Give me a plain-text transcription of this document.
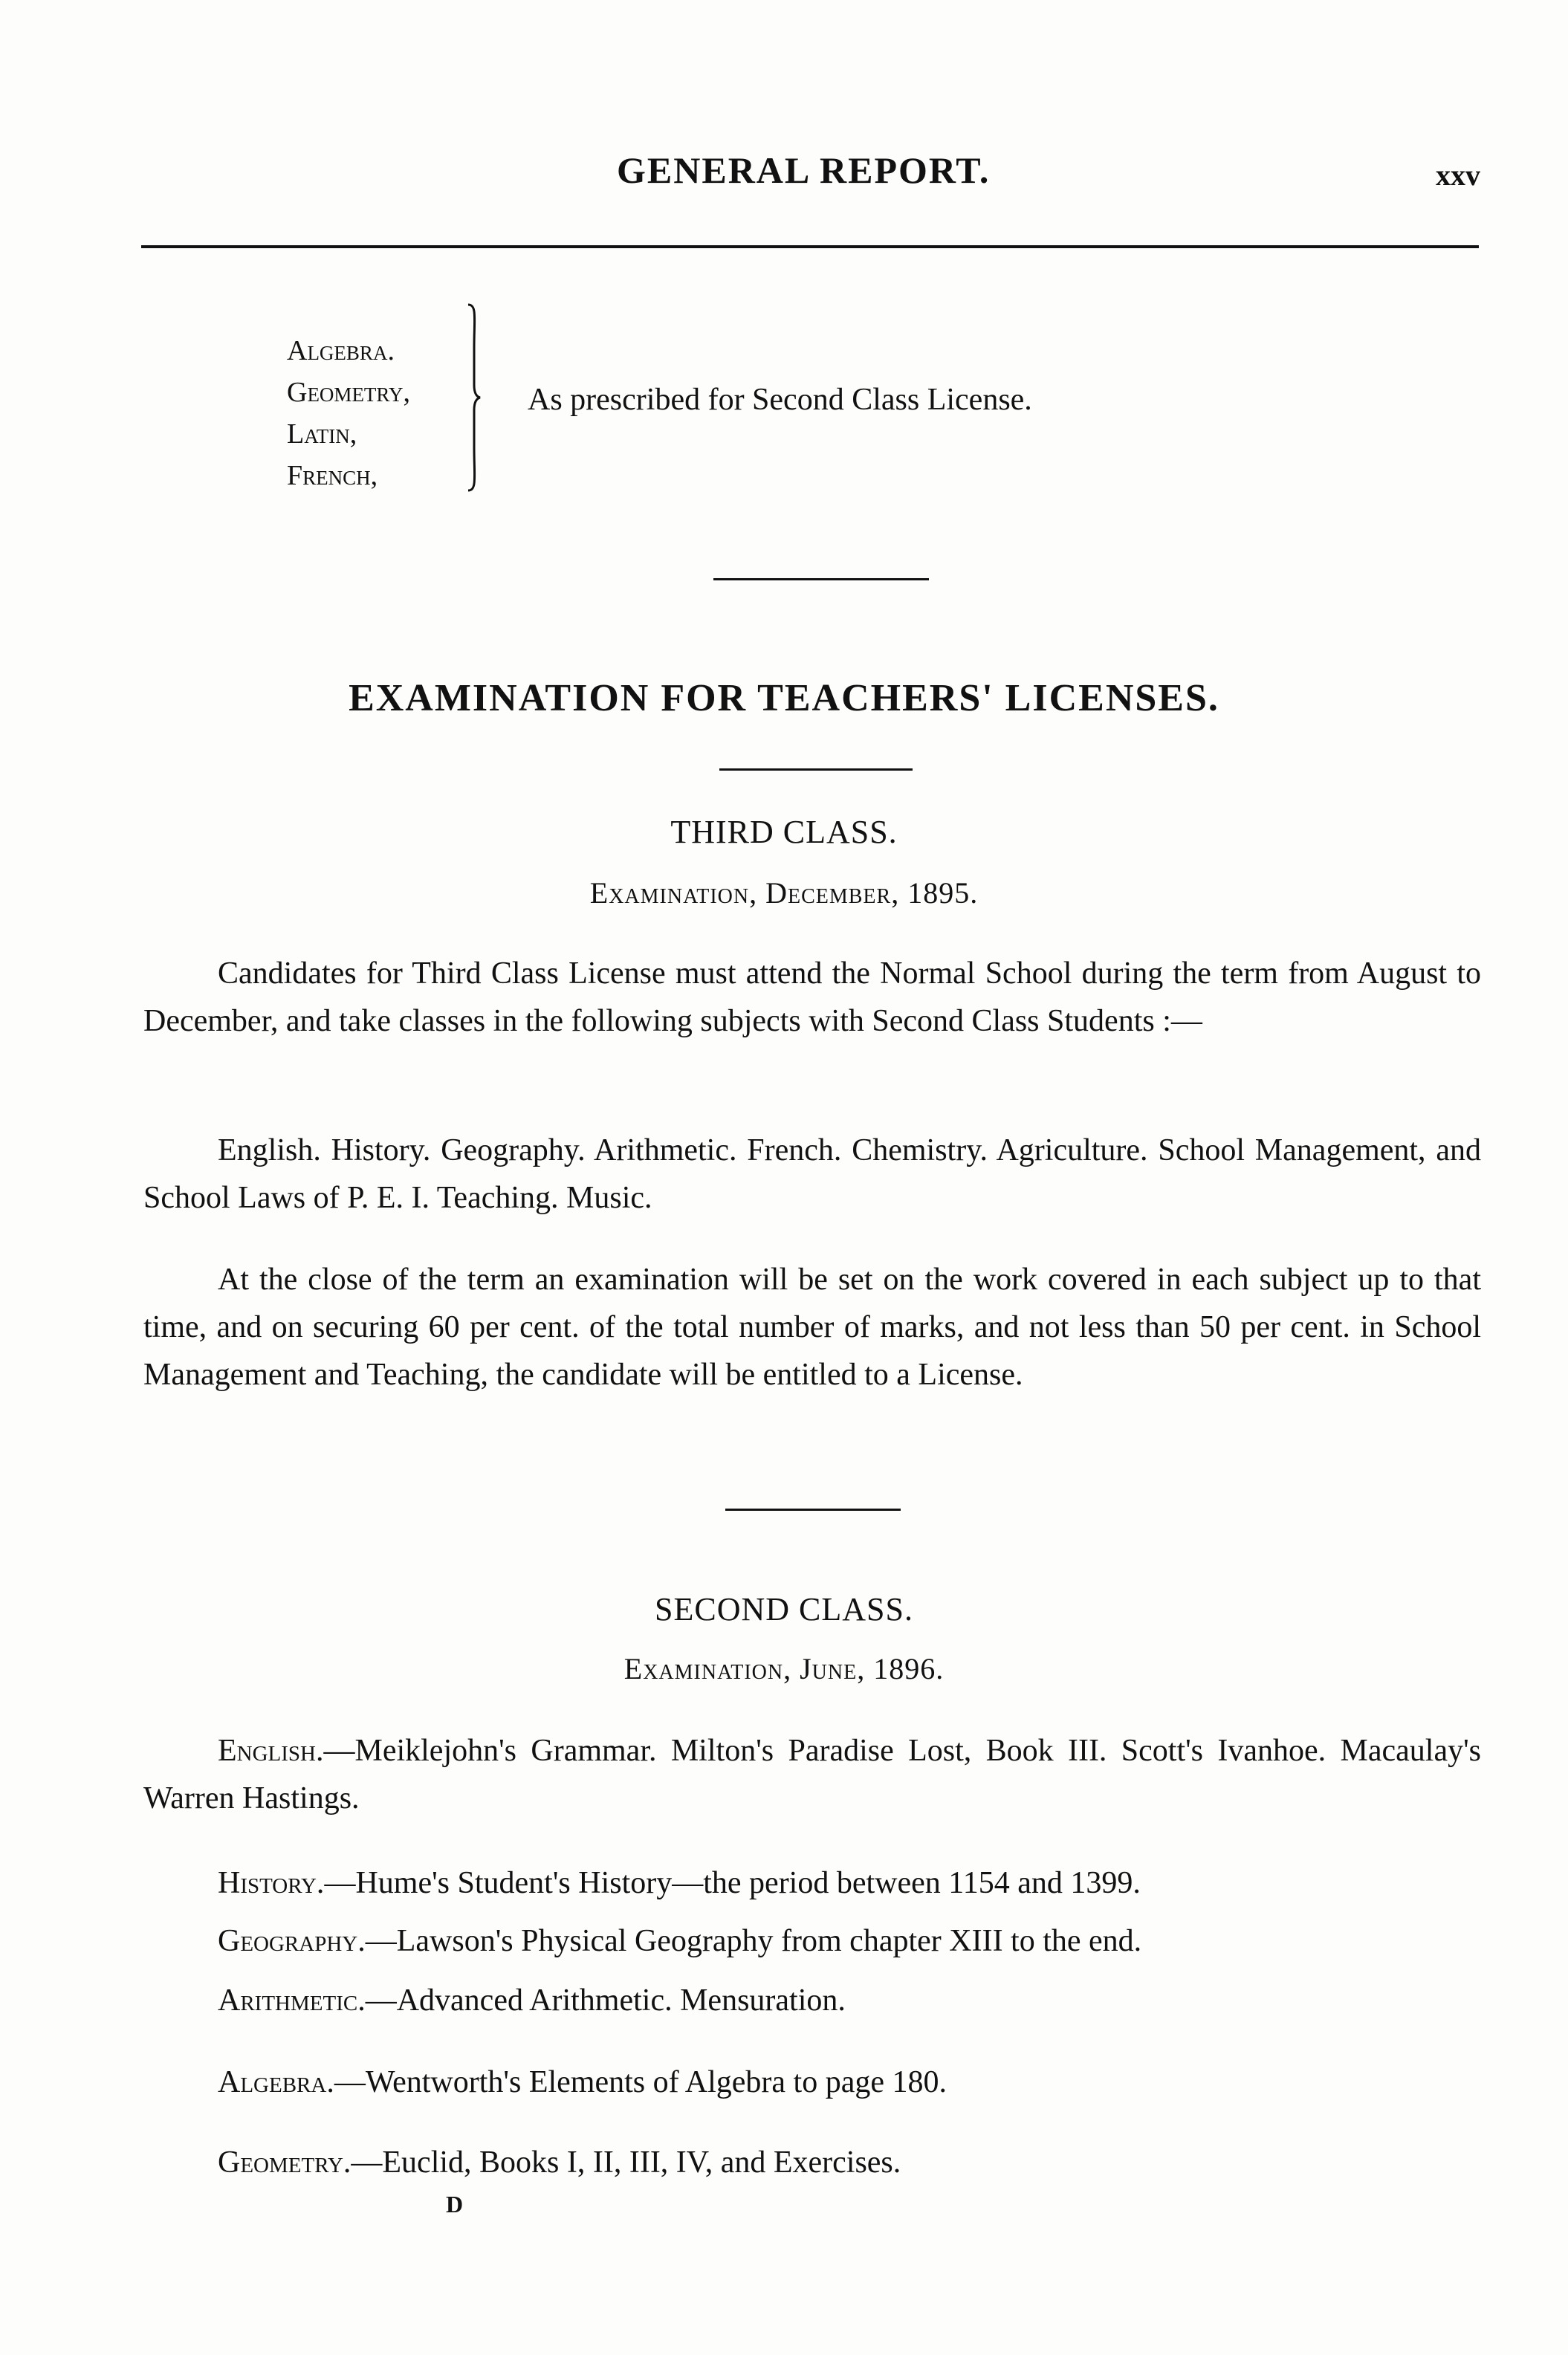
GENERAL REPORT.	xxv
Algebra.
Geometry,
Latin,
French,
As prescribed for Second Class License.
EXAMINATION FOR TEACHERS' LICENSES.
THIRD CLASS.
Examination, December, 1895.
Candidates for Third Class License must attend the Normal School during the term from August to December, and take classes in the following subjects with Second Class Students :—
English. History. Geography. Arithmetic. French. Chemistry. Agriculture. School Management, and School Laws of P. E. I. Teaching. Music.
At the close of the term an examination will be set on the work covered in each subject up to that time, and on securing 60 per cent. of the total number of marks, and not less than 50 per cent. in School Management and Teaching, the candidate will be entitled to a License.
SECOND CLASS.
Examination, June, 1896.
English.—Meiklejohn's Grammar. Milton's Paradise Lost, Book III. Scott's Ivanhoe. Macaulay's Warren Hastings.
History.—Hume's Student's History—the period between 1154 and 1399.
Geography.—Lawson's Physical Geography from chapter XIII to the end.
Arithmetic.—Advanced Arithmetic. Mensuration.
Algebra.—Wentworth's Elements of Algebra to page 180.
Geometry.—Euclid, Books I, II, III, IV, and Exercises.
D
